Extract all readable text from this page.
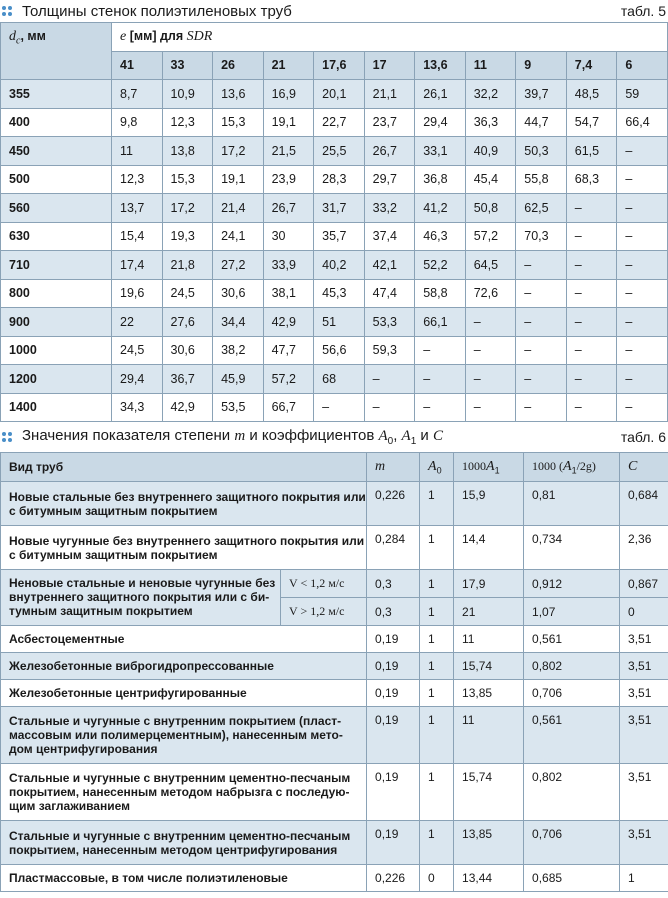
Толщины стенок полиэтиленовых труб	табл. 5
$d_с$, мм	e [мм] для SDR										
	41	33	26	21	17,6	17	13,6	11	9	7,4	6
355	8,7	10,9	13,6	16,9	20,1	21,1	26,1	32,2	39,7	48,5	59
400	9,8	12,3	15,3	19,1	22,7	23,7	29,4	36,3	44,7	54,7	66,4
450	11	13,8	17,2	21,5	25,5	26,7	33,1	40,9	50,3	61,5	–
500	12,3	15,3	19,1	23,9	28,3	29,7	36,8	45,4	55,8	68,3	–
560	13,7	17,2	21,4	26,7	31,7	33,2	41,2	50,8	62,5	–	–
630	15,4	19,3	24,1	30	35,7	37,4	46,3	57,2	70,3	–	–
710	17,4	21,8	27,2	33,9	40,2	42,1	52,2	64,5	–	–	–
800	19,6	24,5	30,6	38,1	45,3	47,4	58,8	72,6	–	–	–
900	22	27,6	34,4	42,9	51	53,3	66,1	–	–	–	–
1000	24,5	30,6	38,2	47,7	56,6	59,3	–	–	–	–	–
1200	29,4	36,7	45,9	57,2	68	–	–	–	–	–	–
1400	34,3	42,9	53,5	66,7	–	–	–	–	–	–	–
Значения показателя степени m и коэффициентов $A_0$, $A_1$ и C	табл. 6
Вид труб		m	$A_0$	$1000A_1$	1000 $(A_1/2g)$	C
Новые стальные без внутреннего защитного покрытия или с битумным защитным покрытием		0,226	1	15,9	0,81	0,684
Новые чугунные без внутреннего защитного покрытия или с битумным защитным покрытием		0,284	1	14,4	0,734	2,36
Неновые стальные и неновые чугунные без внутреннего защитного покрытия или с би-тумным защитным покрытием	V < 1,2 м/с	0,3	1	17,9	0,912	0,867
	V > 1,2 м/с	0,3	1	21	1,07	0
Асбестоцементные		0,19	1	11	0,561	3,51
Железобетонные виброгидропрессованные		0,19	1	15,74	0,802	3,51
Железобетонные центрифугированные		0,19	1	13,85	0,706	3,51
Стальные и чугунные с внутренним покрытием (пласт-массовым или полимерцементным), нанесенным мето-дом центрифугирования		0,19	1	11	0,561	3,51
Стальные и чугунные с внутренним цементно-песчаным покрытием, нанесенным методом набрызга с последую-щим заглаживанием		0,19	1	15,74	0,802	3,51
Стальные и чугунные с внутренним цементно-песчаным покрытием, нанесенным методом центрифугирования		0,19	1	13,85	0,706	3,51
Пластмассовые, в том числе полиэтиленовые		0,226	0	13,44	0,685	1
